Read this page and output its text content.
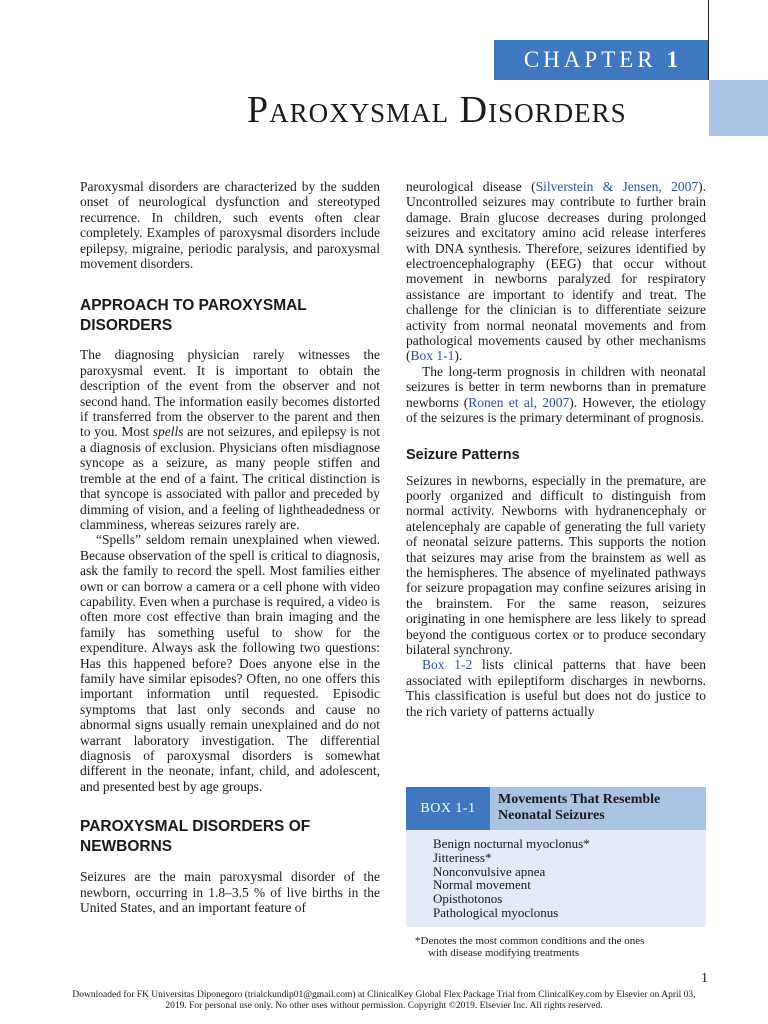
CHAPTER 1
Paroxysmal Disorders

Paroxysmal disorders are characterized by the sudden onset of neurological dysfunction and stereotyped recurrence. In children, such events often clear completely. Examples of paroxysmal disorders include epilepsy, migraine, periodic paralysis, and paroxysmal movement disorders.

APPROACH TO PAROXYSMAL DISORDERS

The diagnosing physician rarely witnesses the paroxysmal event. It is important to obtain the description of the event from the observer and not second hand. The information easily becomes distorted if transferred from the observer to the parent and then to you. Most spells are not seizures, and epilepsy is not a diagnosis of exclusion. Physicians often misdiagnose syncope as a seizure, as many people stiffen and tremble at the end of a faint. The critical distinction is that syncope is associated with pallor and preceded by dimming of vision, and a feeling of lightheadedness or clamminess, whereas seizures rarely are.

“Spells” seldom remain unexplained when viewed. Because observation of the spell is critical to diagnosis, ask the family to record the spell. Most families either own or can borrow a camera or a cell phone with video capability. Even when a purchase is required, a video is often more cost effective than brain imaging and the family has something useful to show for the expenditure. Always ask the following two questions: Has this happened before? Does anyone else in the family have similar episodes? Often, no one offers this important information until requested. Episodic symptoms that last only seconds and cause no abnormal signs usually remain unexplained and do not warrant laboratory investigation. The differential diagnosis of paroxysmal disorders is somewhat different in the neonate, infant, child, and adolescent, and presented best by age groups.

PAROXYSMAL DISORDERS OF NEWBORNS

Seizures are the main paroxysmal disorder of the newborn, occurring in 1.8–3.5 % of live births in the United States, and an important feature of

neurological disease (Silverstein & Jensen, 2007). Uncontrolled seizures may contribute to further brain damage. Brain glucose decreases during prolonged seizures and excitatory amino acid release interferes with DNA synthesis. Therefore, seizures identified by electroencephalography (EEG) that occur without movement in newborns paralyzed for respiratory assistance are important to identify and treat. The challenge for the clinician is to differentiate seizure activity from normal neonatal movements and from pathological movements caused by other mechanisms (Box 1-1).

The long-term prognosis in children with neonatal seizures is better in term newborns than in premature newborns (Ronen et al, 2007). However, the etiology of the seizures is the primary determinant of prognosis.

Seizure Patterns

Seizures in newborns, especially in the premature, are poorly organized and difficult to distinguish from normal activity. Newborns with hydranencephaly or atelencephaly are capable of generating the full variety of neonatal seizure patterns. This supports the notion that seizures may arise from the brainstem as well as the hemispheres. The absence of myelinated pathways for seizure propagation may confine seizures arising in the brainstem. For the same reason, seizures originating in one hemisphere are less likely to spread beyond the contiguous cortex or to produce secondary bilateral synchrony.

Box 1-2 lists clinical patterns that have been associated with epileptiform discharges in newborns. This classification is useful but does not do justice to the rich variety of patterns actually

BOX 1-1
Movements That Resemble Neonatal Seizures
Benign nocturnal myoclonus*
Jitteriness*
Nonconvulsive apnea
Normal movement
Opisthotonos
Pathological myoclonus
*Denotes the most common conditions and the ones
with disease modifying treatments
1
Downloaded for FK Universitas Diponegoro (trialckundip01@gmail.com) at ClinicalKey Global Flex Package Trial from ClinicalKey.com by Elsevier on April 03,
2019. For personal use only. No other uses without permission. Copyright ©2019. Elsevier Inc. All rights reserved.
